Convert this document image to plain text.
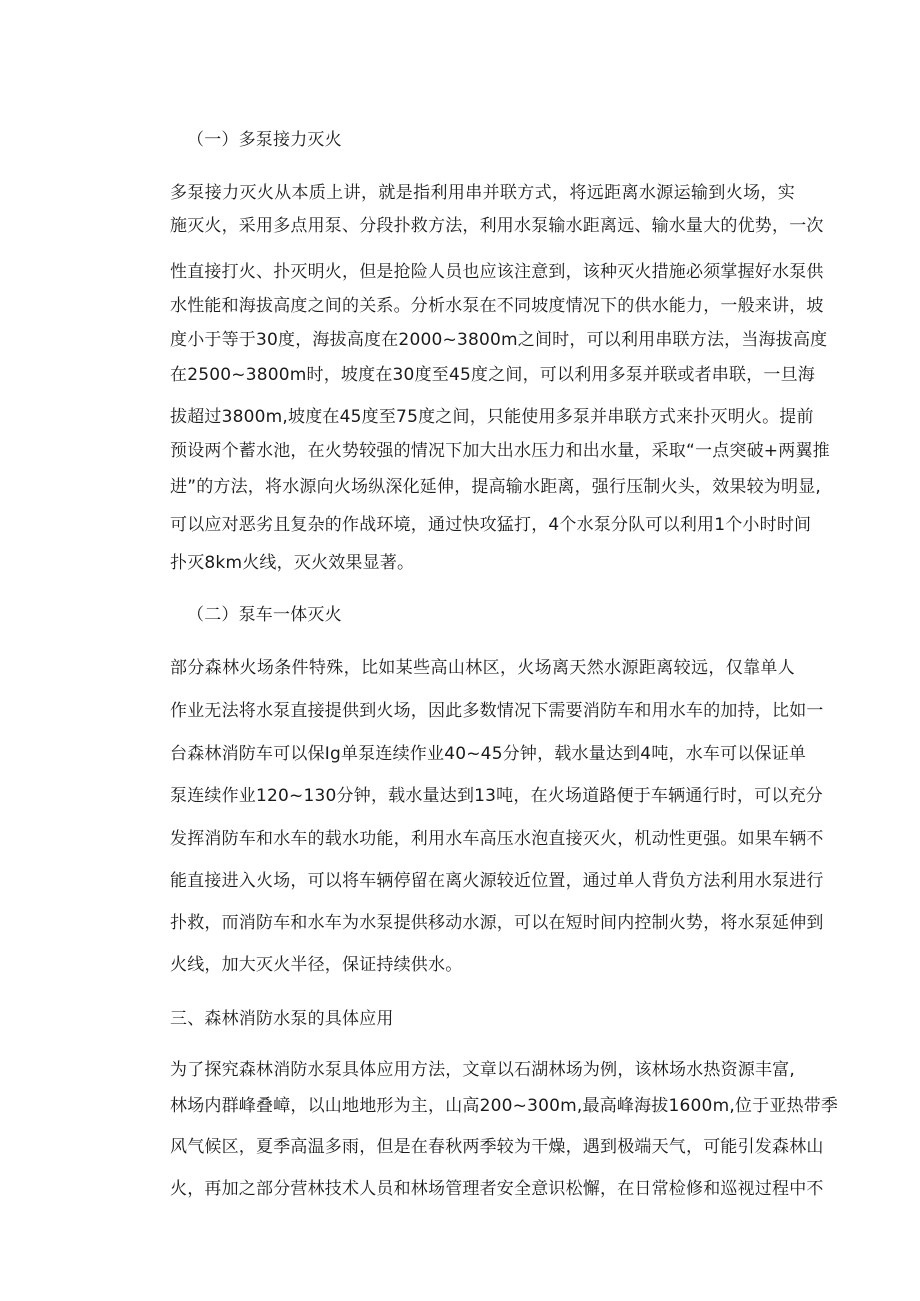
（一）多泵接力灭火
多泵接力灭火从本质上讲，就是指利用串并联方式，将远距离水源运输到火场，实
施灭火，采用多点用泵、分段扑救方法，利用水泵输水距离远、输水量大的优势，一次
性直接打火、扑灭明火，但是抢险人员也应该注意到，该种灭火措施必须掌握好水泵供
水性能和海拔高度之间的关系。分析水泵在不同坡度情况下的供水能力，一般来讲，坡
度小于等于30度，海拔高度在2000~3800m之间时，可以利用串联方法，当海拔高度
在2500~3800m时，坡度在30度至45度之间，可以利用多泵并联或者串联，一旦海
拔超过3800m,坡度在45度至75度之间，只能使用多泵并串联方式来扑灭明火。提前
预设两个蓄水池，在火势较强的情况下加大出水压力和出水量，采取“一点突破+两翼推
进”的方法，将水源向火场纵深化延伸，提高输水距离，强行压制火头，效果较为明显,
可以应对恶劣且复杂的作战环境，通过快攻猛打，4个水泵分队可以利用1个小时时间
扑灭8km火线，灭火效果显著。
（二）泵车一体灭火
部分森林火场条件特殊，比如某些高山林区，火场离天然水源距离较远，仅靠单人
作业无法将水泵直接提供到火场，因此多数情况下需要消防车和用水车的加持，比如一
台森林消防车可以保Ig单泵连续作业40~45分钟，载水量达到4吨，水车可以保证单
泵连续作业120~130分钟，载水量达到13吨，在火场道路便于车辆通行时，可以充分
发挥消防车和水车的载水功能，利用水车高压水泡直接灭火，机动性更强。如果车辆不
能直接进入火场，可以将车辆停留在离火源较近位置，通过单人背负方法利用水泵进行
扑救，而消防车和水车为水泵提供移动水源，可以在短时间内控制火势，将水泵延伸到
火线，加大灭火半径，保证持续供水。
三、森林消防水泵的具体应用
为了探究森林消防水泵具体应用方法，文章以石湖林场为例，该林场水热资源丰富,
林场内群峰叠嶂，以山地地形为主，山高200~300m,最高峰海拔1600m,位于亚热带季
风气候区，夏季高温多雨，但是在春秋两季较为干燥，遇到极端天气，可能引发森林山
火，再加之部分营林技术人员和林场管理者安全意识松懈，在日常检修和巡视过程中不
